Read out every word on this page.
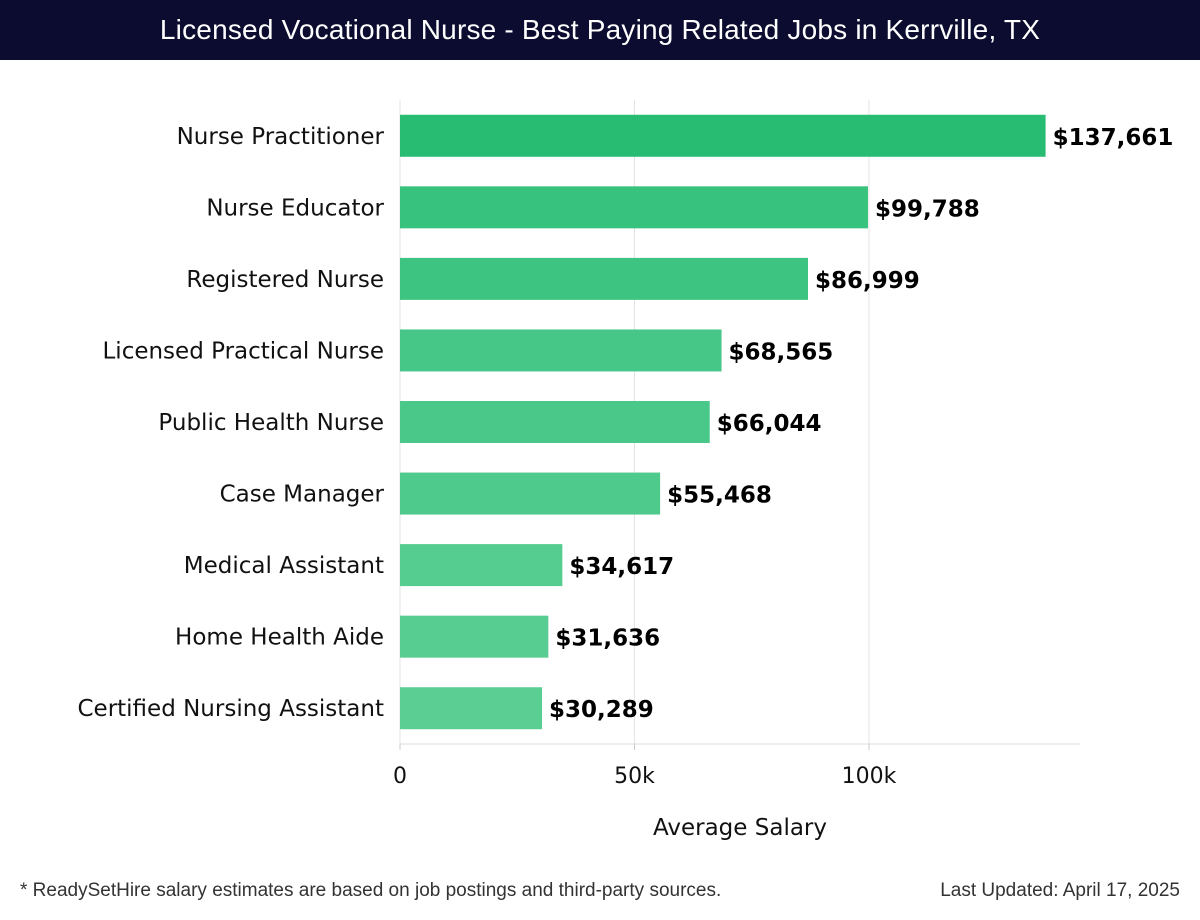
Licensed Vocational Nurse - Best Paying Related Jobs in Kerrville, TX
0	50k	100k
Average Salary
Nurse Practitioner	$137,661
Nurse Educator	$99,788
Registered Nurse	$86,999
Licensed Practical Nurse	$68,565
Public Health Nurse	$66,044
Case Manager	$55,468
Medical Assistant	$34,617
Home Health Aide	$31,636
Certified Nursing Assistant	$30,289
* ReadySetHire salary estimates are based on job postings and third-party sources.	Last Updated: April 17, 2025
